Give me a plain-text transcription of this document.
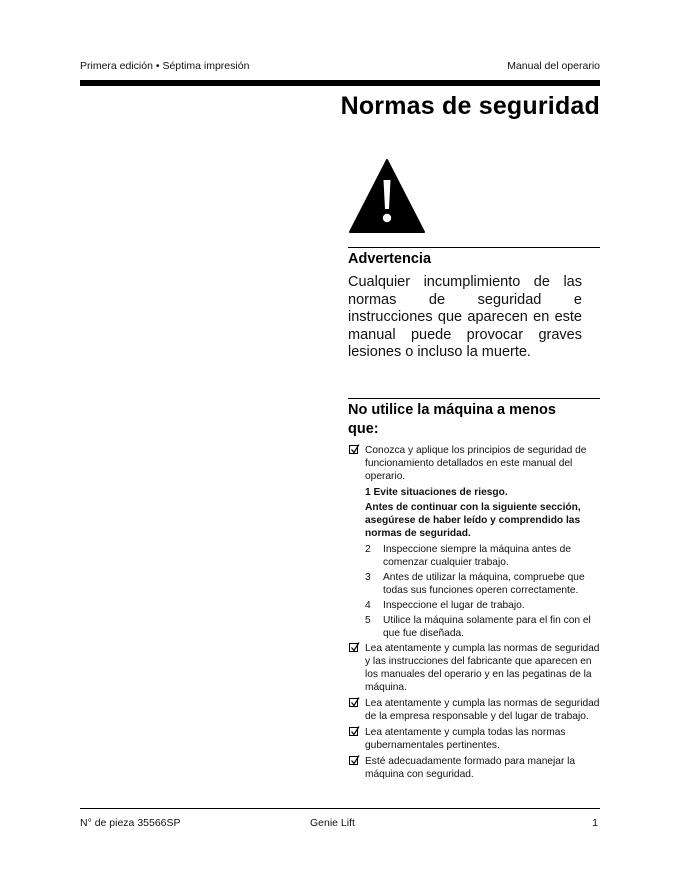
Primera edición • Séptima impresión	Manual del operario
Normas de seguridad
Advertencia

Cualquier incumplimiento de las normas de seguridad e instrucciones que aparecen en este manual puede provocar graves lesiones o incluso la muerte.

No utilice la máquina a menos que:
Conozca y aplique los principios de seguridad de funcionamiento detallados en este manual del operario.

1 Evite situaciones de riesgo.

Antes de continuar con la siguiente sección, asegúrese de haber leído y comprendido las normas de seguridad.

2 Inspeccione siempre la máquina antes de comenzar cualquier trabajo.
3 Antes de utilizar la máquina, compruebe que todas sus funciones operen correctamente.
4 Inspeccione el lugar de trabajo.
5 Utilice la máquina solamente para el fin con el que fue diseñada.
Lea atentamente y cumpla las normas de seguridad y las instrucciones del fabricante que aparecen en los manuales del operario y en las pegatinas de la máquina.
Lea atentamente y cumpla las normas de seguridad de la empresa responsable y del lugar de trabajo.
Lea atentamente y cumpla todas las normas gubernamentales pertinentes.
Esté adecuadamente formado para manejar la máquina con seguridad.
N° de pieza 35566SP	Genie Lift	1
